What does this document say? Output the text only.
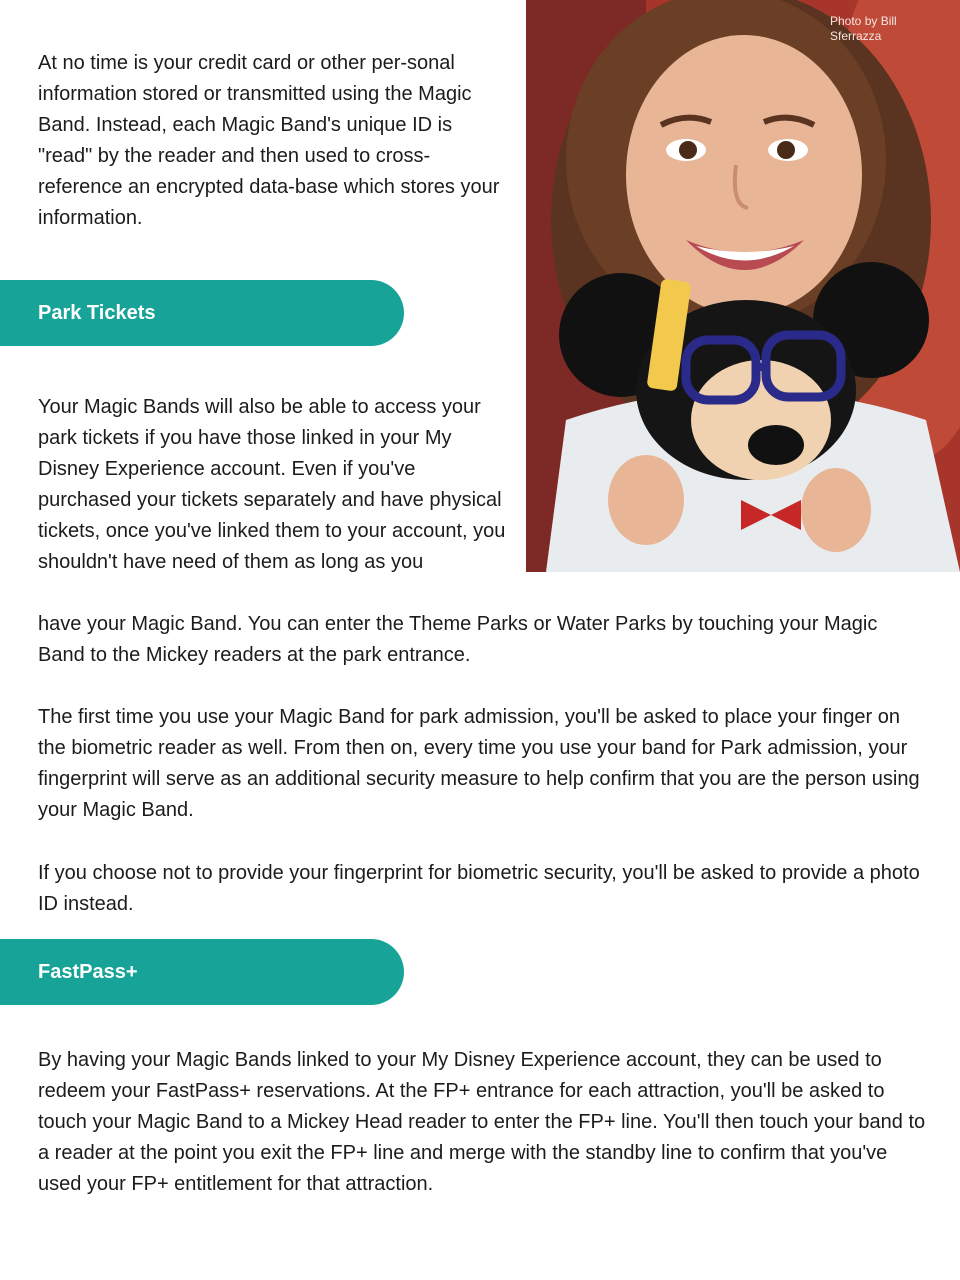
At no time is your credit card or other per-sonal information stored or transmitted using the Magic Band. Instead, each Magic Band's unique ID is "read" by the reader and then used to cross-reference an encrypted data-base which stores your information.

Park Tickets

Your Magic Bands will also be able to access your park tickets if you have those linked in your My Disney Experience account. Even if you've purchased your tickets separately and have physical tickets, once you've linked them to your account, you shouldn't have need of them as long as you

have your Magic Band. You can enter the Theme Parks or Water Parks by touching your Magic Band to the Mickey readers at the park entrance.

The first time you use your Magic Band for park admission, you'll be asked to place your finger on the biometric reader as well. From then on, every time you use your band for Park admission, your fingerprint will serve as an additional security measure to help confirm that you are the person using your Magic Band.

If you choose not to provide your fingerprint for biometric security, you'll be asked to provide a photo ID instead.

FastPass+

By having your Magic Bands linked to your My Disney Experience account, they can be used to redeem your FastPass+ reservations. At the FP+ entrance for each attraction, you'll be asked to touch your Magic Band to a Mickey Head reader to enter the FP+ line. You'll then touch your band to a reader at the point you exit the FP+ line and merge with the standby line to confirm that you've used your FP+ entitlement for that attraction.

Photo by Bill Sferrazza
